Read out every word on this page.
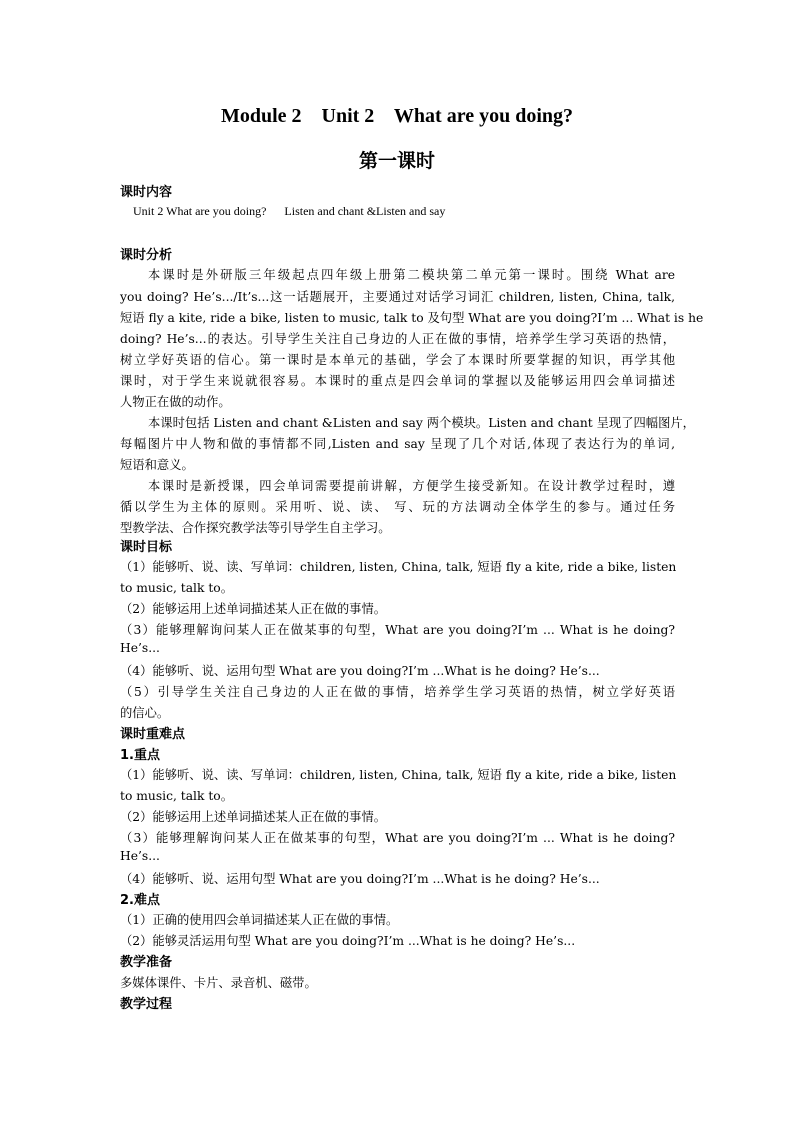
Module 2    Unit 2    What are you doing?
第一课时
课时内容
Unit 2 What are you doing?      Listen and chant &Listen and say
课时分析
本课时是外研版三年级起点四年级上册第二模块第二单元第一课时。围绕 What are
you doing? He’s.../It’s...这一话题展开，主要通过对话学习词汇 children, listen, China, talk,
短语 fly a kite, ride a bike, listen to music, talk to 及句型 What are you doing?I’m ... What is he
doing? He’s...的表达。引导学生关注自己身边的人正在做的事情，培养学生学习英语的热情，
树立学好英语的信心。第一课时是本单元的基础，学会了本课时所要掌握的知识，再学其他
课时，对于学生来说就很容易。本课时的重点是四会单词的掌握以及能够运用四会单词描述
人物正在做的动作。
本课时包括 Listen and chant &Listen and say 两个模块。Listen and chant 呈现了四幅图片，
每幅图片中人物和做的事情都不同,Listen and say 呈现了几个对话,体现了表达行为的单词,
短语和意义。
本课时是新授课，四会单词需要提前讲解，方便学生接受新知。在设计教学过程时，遵
循以学生为主体的原则。采用听、说、读、 写、玩的方法调动全体学生的参与。通过任务
型教学法、合作探究教学法等引导学生自主学习。
课时目标
（1）能够听、说、读、写单词：children, listen, China, talk, 短语 fly a kite, ride a bike, listen
to music, talk to。
（2）能够运用上述单词描述某人正在做的事情。
（3）能够理解询问某人正在做某事的句型，What are you doing?I’m ... What is he doing?
He’s...
（4）能够听、说、运用句型 What are you doing?I’m ...What is he doing? He’s...
（5）引导学生关注自己身边的人正在做的事情，培养学生学习英语的热情，树立学好英语
的信心。
课时重难点
1.重点
（1）能够听、说、读、写单词：children, listen, China, talk, 短语 fly a kite, ride a bike, listen
to music, talk to。
（2）能够运用上述单词描述某人正在做的事情。
（3）能够理解询问某人正在做某事的句型，What are you doing?I’m ... What is he doing?
He’s...
（4）能够听、说、运用句型 What are you doing?I’m ...What is he doing? He’s...
2.难点
（1）正确的使用四会单词描述某人正在做的事情。
（2）能够灵活运用句型 What are you doing?I’m ...What is he doing? He’s...
教学准备
多媒体课件、卡片、录音机、磁带。
教学过程
